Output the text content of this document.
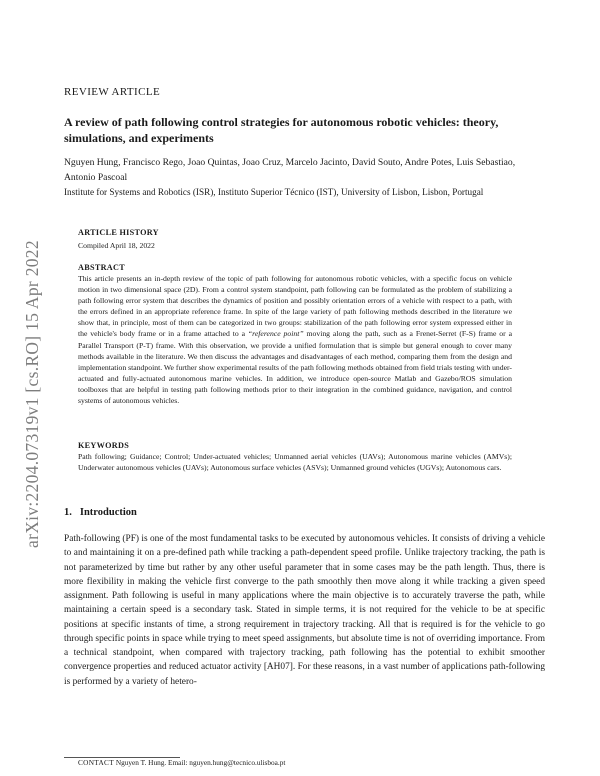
arXiv:2204.07319v1 [cs.RO] 15 Apr 2022
REVIEW ARTICLE
A review of path following control strategies for autonomous robotic vehicles: theory, simulations, and experiments
Nguyen Hung, Francisco Rego, Joao Quintas, Joao Cruz, Marcelo Jacinto, David Souto, Andre Potes, Luis Sebastiao, Antonio Pascoal
Institute for Systems and Robotics (ISR), Instituto Superior Técnico (IST), University of Lisbon, Lisbon, Portugal
ARTICLE HISTORY
Compiled April 18, 2022
ABSTRACT
This article presents an in-depth review of the topic of path following for autonomous robotic vehicles, with a specific focus on vehicle motion in two dimensional space (2D). From a control system standpoint, path following can be formulated as the problem of stabilizing a path following error system that describes the dynamics of position and possibly orientation errors of a vehicle with respect to a path, with the errors defined in an appropriate reference frame. In spite of the large variety of path following methods described in the literature we show that, in principle, most of them can be categorized in two groups: stabilization of the path following error system expressed either in the vehicle's body frame or in a frame attached to a “reference point” moving along the path, such as a Frenet-Serret (F-S) frame or a Parallel Transport (P-T) frame. With this observation, we provide a unified formulation that is simple but general enough to cover many methods available in the literature. We then discuss the advantages and disadvantages of each method, comparing them from the design and implementation standpoint. We further show experimental results of the path following methods obtained from field trials testing with under-actuated and fully-actuated autonomous marine vehicles. In addition, we introduce open-source Matlab and Gazebo/ROS simulation toolboxes that are helpful in testing path following methods prior to their integration in the combined guidance, navigation, and control systems of autonomous vehicles.
KEYWORDS
Path following; Guidance; Control; Under-actuated vehicles; Unmanned aerial vehicles (UAVs); Autonomous marine vehicles (AMVs); Underwater autonomous vehicles (UAVs); Autonomous surface vehicles (ASVs); Unmanned ground vehicles (UGVs); Autonomous cars.
1. Introduction
Path-following (PF) is one of the most fundamental tasks to be executed by autonomous vehicles. It consists of driving a vehicle to and maintaining it on a pre-defined path while tracking a path-dependent speed profile. Unlike trajectory tracking, the path is not parameterized by time but rather by any other useful parameter that in some cases may be the path length. Thus, there is more flexibility in making the vehicle first converge to the path smoothly then move along it while tracking a given speed assignment. Path following is useful in many applications where the main objective is to accurately traverse the path, while maintaining a certain speed is a secondary task. Stated in simple terms, it is not required for the vehicle to be at specific positions at specific instants of time, a strong requirement in trajectory tracking. All that is required is for the vehicle to go through specific points in space while trying to meet speed assignments, but absolute time is not of overriding importance. From a technical standpoint, when compared with trajectory tracking, path following has the potential to exhibit smoother convergence properties and reduced actuator activity [AH07]. For these reasons, in a vast number of applications path-following is performed by a variety of hetero-
CONTACT Nguyen T. Hung. Email: nguyen.hung@tecnico.ulisboa.pt
